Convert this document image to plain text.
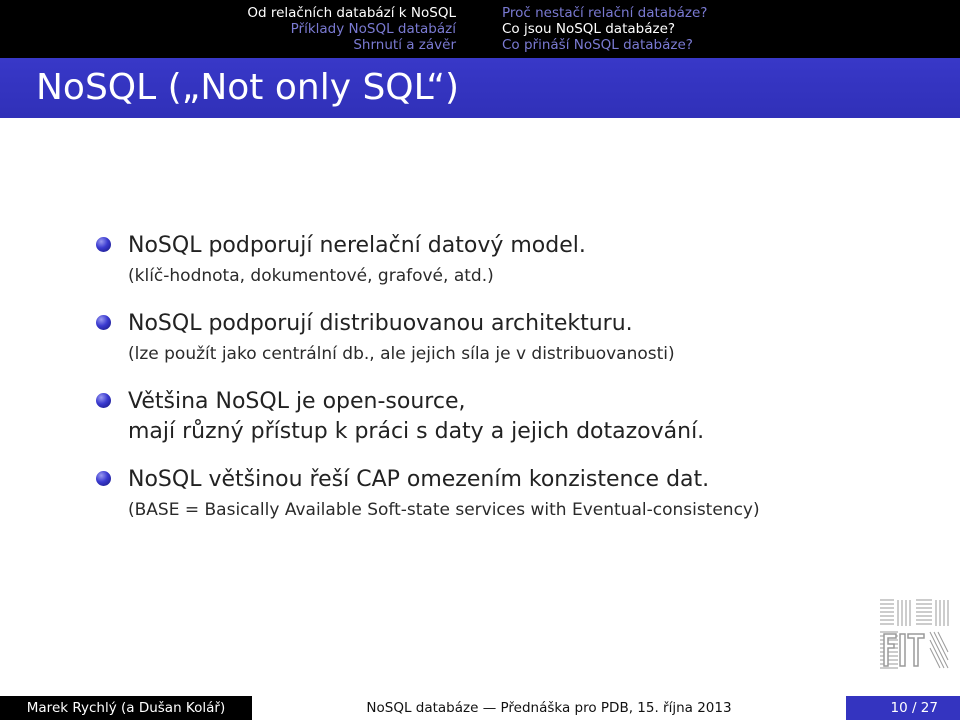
Od relačních databází k NoSQL
Příklady NoSQL databází
Shrnutí a závěr
Proč nestačí relační databáze?
Co jsou NoSQL databáze?
Co přináší NoSQL databáze?
NoSQL („Not only SQL“)
NoSQL podporují nerelační datový model.
(klíč-hodnota, dokumentové, grafové, atd.)
NoSQL podporují distribuovanou architekturu.
(lze použít jako centrální db., ale jejich síla je v distribuovanosti)
Většina NoSQL je open-source,
mají různý přístup k práci s daty a jejich dotazování.
NoSQL většinou řeší CAP omezením konzistence dat.
(BASE = Basically Available Soft-state services with Eventual-consistency)
Marek Rychlý (a Dušan Kolář)	NoSQL databáze — Přednáška pro PDB, 15. října 2013	10 / 27
